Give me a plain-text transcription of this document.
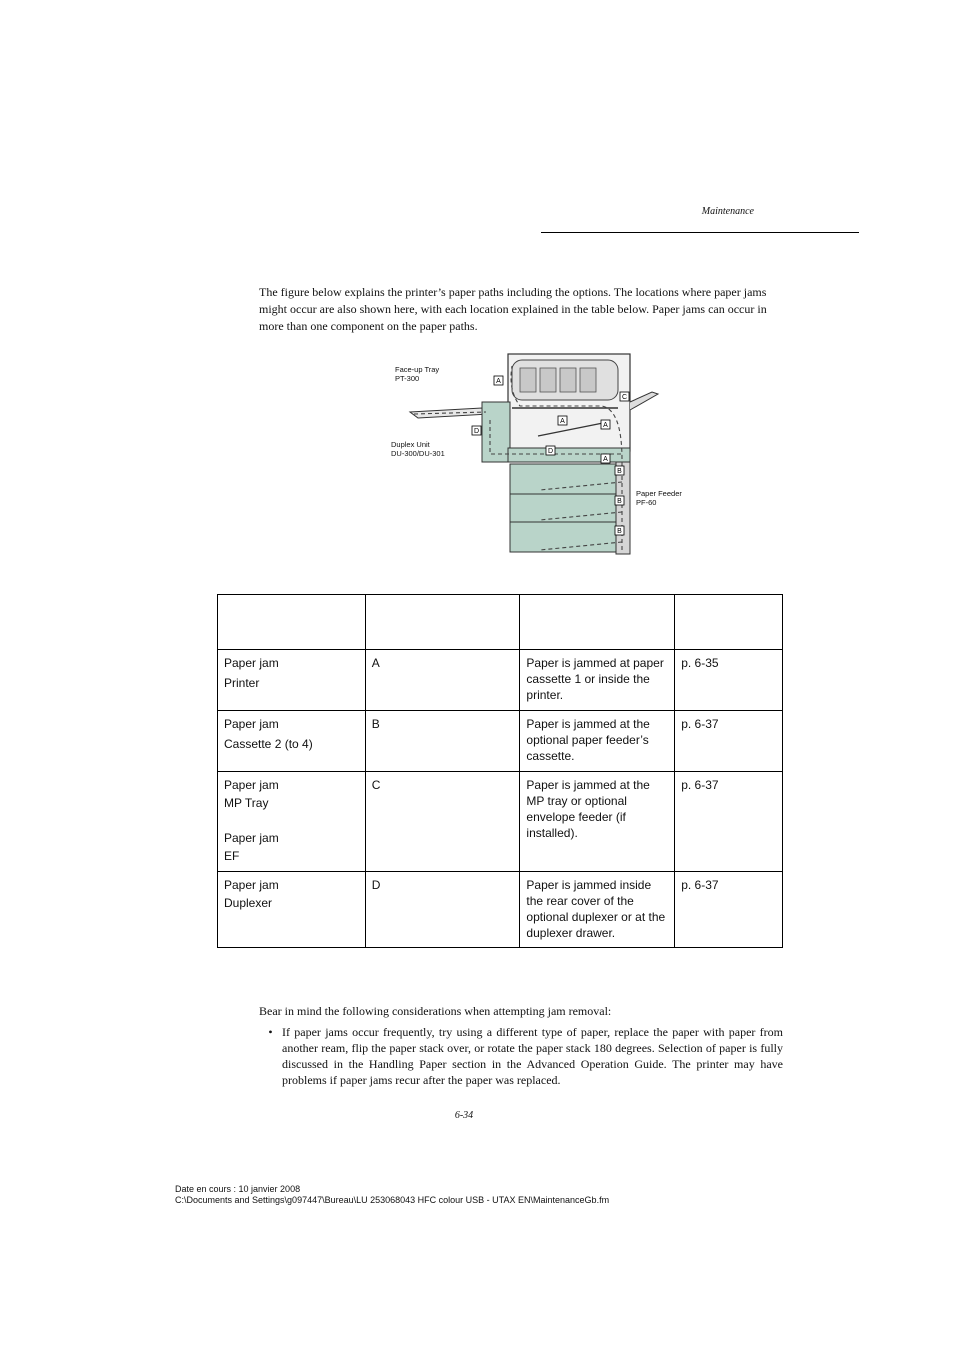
Maintenance

The figure below explains the printer’s paper paths including the options. The locations where paper jams might occur are also shown here, with each location explained in the table below. Paper jams can occur in more than one component on the paper paths.

A
A
A
A
B
B
B
C
D
D
Face-up Tray
PT-300
Duplex Unit
DU-300/DU-301
Paper Feeder
PF-60

Paper jam
Printer	A	Paper is jammed at paper cassette 1 or inside the printer.	p. 6-35

Paper jam
Cassette 2 (to 4)	B	Paper is jammed at the optional paper feeder’s cassette.	p. 6-37

Paper jam
MP Tray
Paper jam
EF	C	Paper is jammed at the MP tray or optional envelope feeder (if installed).	p. 6-37

Paper jam
Duplexer	D	Paper is jammed inside the rear cover of the optional duplexer or at the duplexer drawer.	p. 6-37
Bear in mind the following considerations when attempting jam removal:
• If paper jams occur frequently, try using a different type of paper, replace the paper with paper from another ream, flip the paper stack over, or rotate the paper stack 180 degrees. Selection of paper is fully discussed in the Handling Paper section in the Advanced Operation Guide. The printer may have problems if paper jams recur after the paper was replaced.
6-34
Date en cours : 10 janvier 2008
C:\Documents and Settings\g097447\Bureau\LU 253068043 HFC colour USB - UTAX EN\MaintenanceGb.fm
